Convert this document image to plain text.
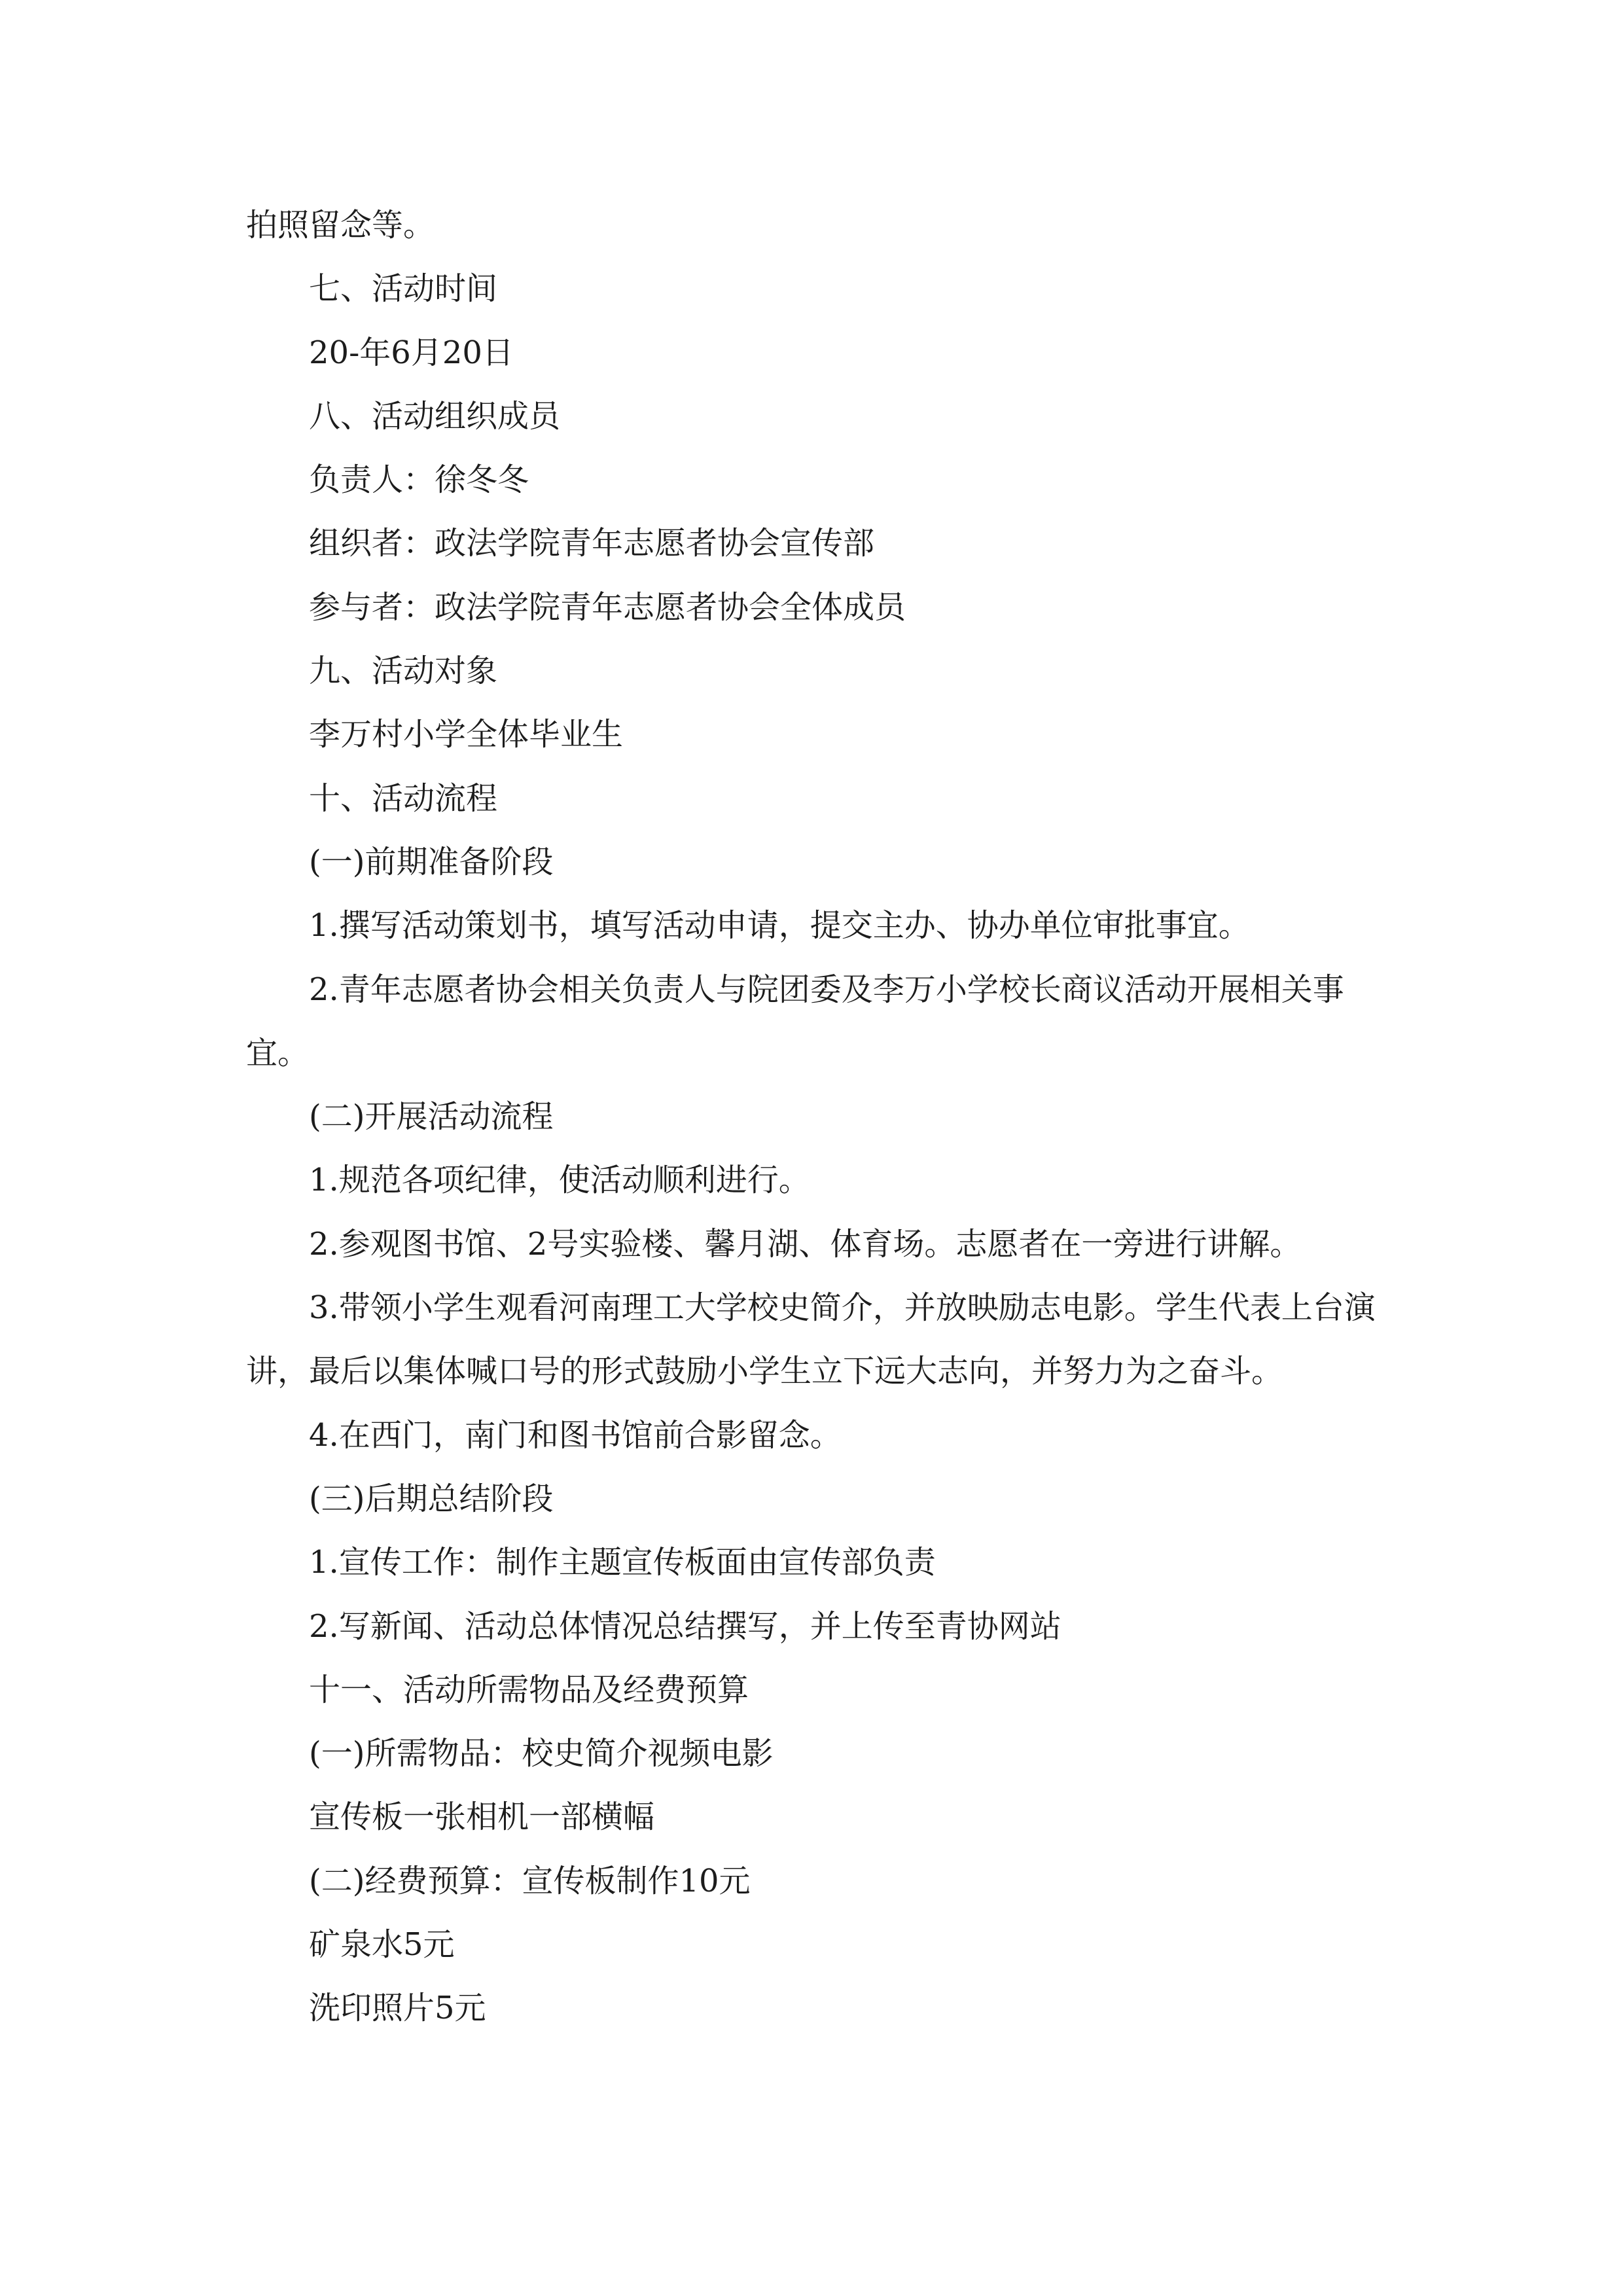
拍照留念等。

七、活动时间

20-年6月20日

八、活动组织成员

负责人：徐冬冬

组织者：政法学院青年志愿者协会宣传部

参与者：政法学院青年志愿者协会全体成员

九、活动对象

李万村小学全体毕业生

十、活动流程

(一)前期准备阶段

1.撰写活动策划书，填写活动申请，提交主办、协办单位审批事宜。

2.青年志愿者协会相关负责人与院团委及李万小学校长商议活动开展相关事宜。

(二)开展活动流程

1.规范各项纪律，使活动顺利进行。

2.参观图书馆、2号实验楼、馨月湖、体育场。志愿者在一旁进行讲解。

3.带领小学生观看河南理工大学校史简介，并放映励志电影。学生代表上台演讲，最后以集体喊口号的形式鼓励小学生立下远大志向，并努力为之奋斗。

4.在西门，南门和图书馆前合影留念。

(三)后期总结阶段

1.宣传工作：制作主题宣传板面由宣传部负责

2.写新闻、活动总体情况总结撰写，并上传至青协网站

十一、活动所需物品及经费预算

(一)所需物品：校史简介视频电影

宣传板一张相机一部横幅

(二)经费预算：宣传板制作10元

矿泉水5元

洗印照片5元
